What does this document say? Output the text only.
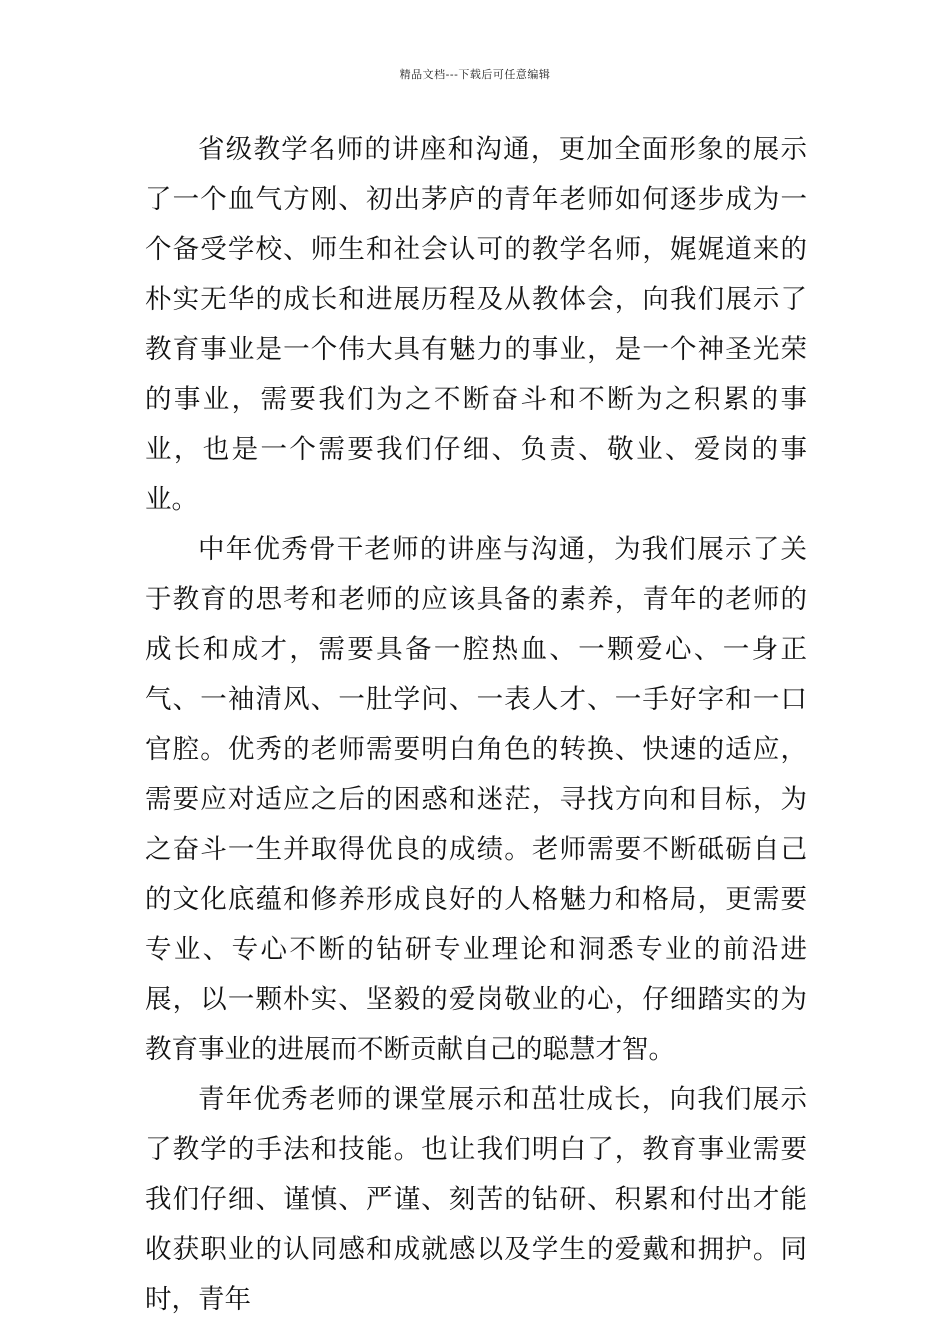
精品文档---下载后可任意编辑

省级教学名师的讲座和沟通，更加全面形象的展示了一个血气方刚、初出茅庐的青年老师如何逐步成为一个备受学校、师生和社会认可的教学名师，娓娓道来的朴实无华的成长和进展历程及从教体会，向我们展示了教育事业是一个伟大具有魅力的事业，是一个神圣光荣的事业，需要我们为之不断奋斗和不断为之积累的事业，也是一个需要我们仔细、负责、敬业、爱岗的事业。

中年优秀骨干老师的讲座与沟通，为我们展示了关于教育的思考和老师的应该具备的素养，青年的老师的成长和成才，需要具备一腔热血、一颗爱心、一身正气、一袖清风、一肚学问、一表人才、一手好字和一口官腔。优秀的老师需要明白角色的转换、快速的适应，需要应对适应之后的困惑和迷茫，寻找方向和目标，为之奋斗一生并取得优良的成绩。老师需要不断砥砺自己的文化底蕴和修养形成良好的人格魅力和格局，更需要专业、专心不断的钻研专业理论和洞悉专业的前沿进展，以一颗朴实、坚毅的爱岗敬业的心，仔细踏实的为教育事业的进展而不断贡献自己的聪慧才智。

青年优秀老师的课堂展示和茁壮成长，向我们展示了教学的手法和技能。也让我们明白了，教育事业需要我们仔细、谨慎、严谨、刻苦的钻研、积累和付出才能收获职业的认同感和成就感以及学生的爱戴和拥护。同时，青年
